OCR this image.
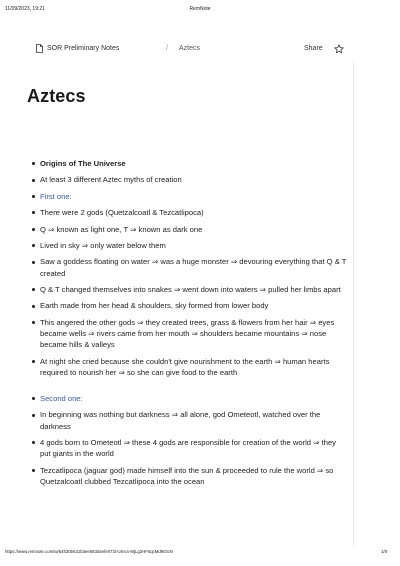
11/09/2023, 19:21	RemNote
SOR Preliminary Notes	/ Aztecs	Share
Aztecs
Origins of The Universe
At least 3 different Aztec myths of creation
First one:
There were 2 gods (Quetzalcoatl & Tezcatlipoca)
Q ⇒ known as light one, T ⇒ known as dark one
Lived in sky ⇒ only water below them
Saw a goddess floating on water ⇒ was a huge monster ⇒ devouring everything that Q & T created
Q & T changed themselves into snakes ⇒ went down into waters ⇒ pulled her limbs apart
Earth made from her head & shoulders, sky formed from lower body
This angered the other gods ⇒ they created trees, grass & flowers from her hair ⇒ eyes became wells ⇒ rivers came from her mouth ⇒ shoulders became mountains ⇒ nose became hills & valleys
At night she cried because she couldn't give nourishment to the earth ⇒ human hearts required to nourish her ⇒ so she can give food to the earth
Second one:
In beginning was nothing but darkness ⇒ all alone, god Ometeotl, watched over the darkness
4 gods born to Ometeotl ⇒ these 4 gods are responsible for creation of the world ⇒ they put giants in the world
Tezcatlipoca (jaguar god) made himself into the sun & proceeded to rule the world ⇒ so Quetzalcoatl clubbed Tezcatlipoca into the ocean
https://www.remnote.com/w/64530b631b3ee583a5efe073/Aztecs-MjLg2HF6qcMd9GtcN	1/8
